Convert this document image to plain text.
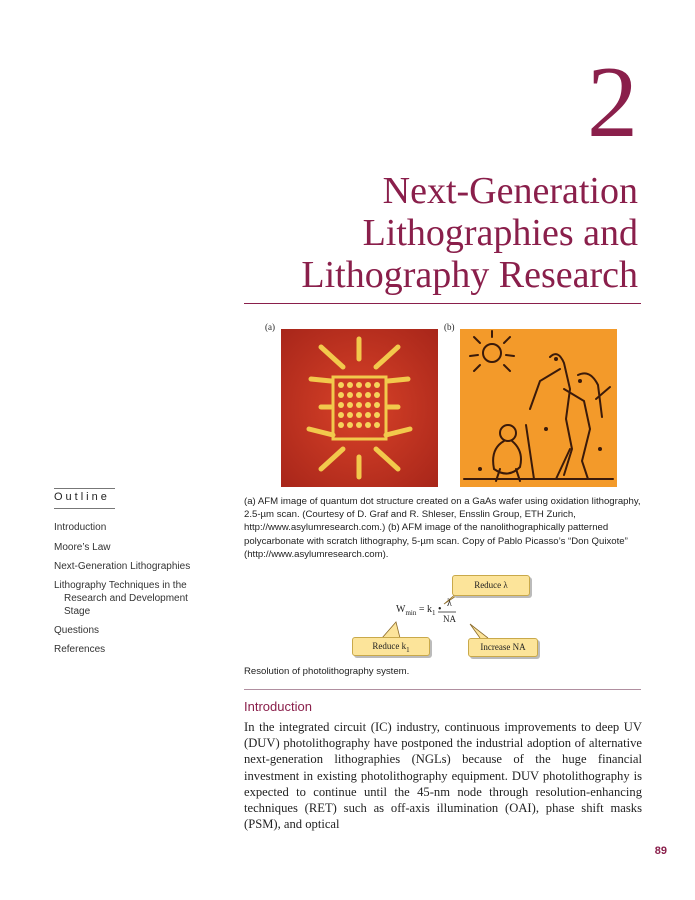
2
Next-Generation
Lithographies and
Lithography Research
(a)	(b)
Outline
Introduction
Moore’s Law
Next-Generation Lithographies
Lithography Techniques in the
Research and Development
Stage
Questions
References
(a) AFM image of quantum dot structure created on a GaAs wafer using oxidation lithography, 2.5-µm scan. (Courtesy of D. Graf and R. Shleser, Ensslin Group, ETH Zurich, http://www.asylumresearch.com.) (b) AFM image of the nanolithographically patterned polycarbonate with scratch lithography, 5-µm scan. Copy of Pablo Picasso’s “Don Quixote” (http://www.asylumresearch.com).
Reduce λ
Reduce $k_1$	Increase NA
$W_{min} = k_1$ •
λ
NA
Resolution of photolithography system.
Introduction
In the integrated circuit (IC) industry, continuous improvements to deep UV (DUV) photolithography have postponed the industrial adoption of alternative next-generation lithographies (NGLs) because of the huge financial investment in existing photolithography equipment. DUV photolithography is expected to continue until the 45-nm node through resolution-enhancing techniques (RET) such as off-axis illumination (OAI), phase shift masks (PSM), and optical
89
